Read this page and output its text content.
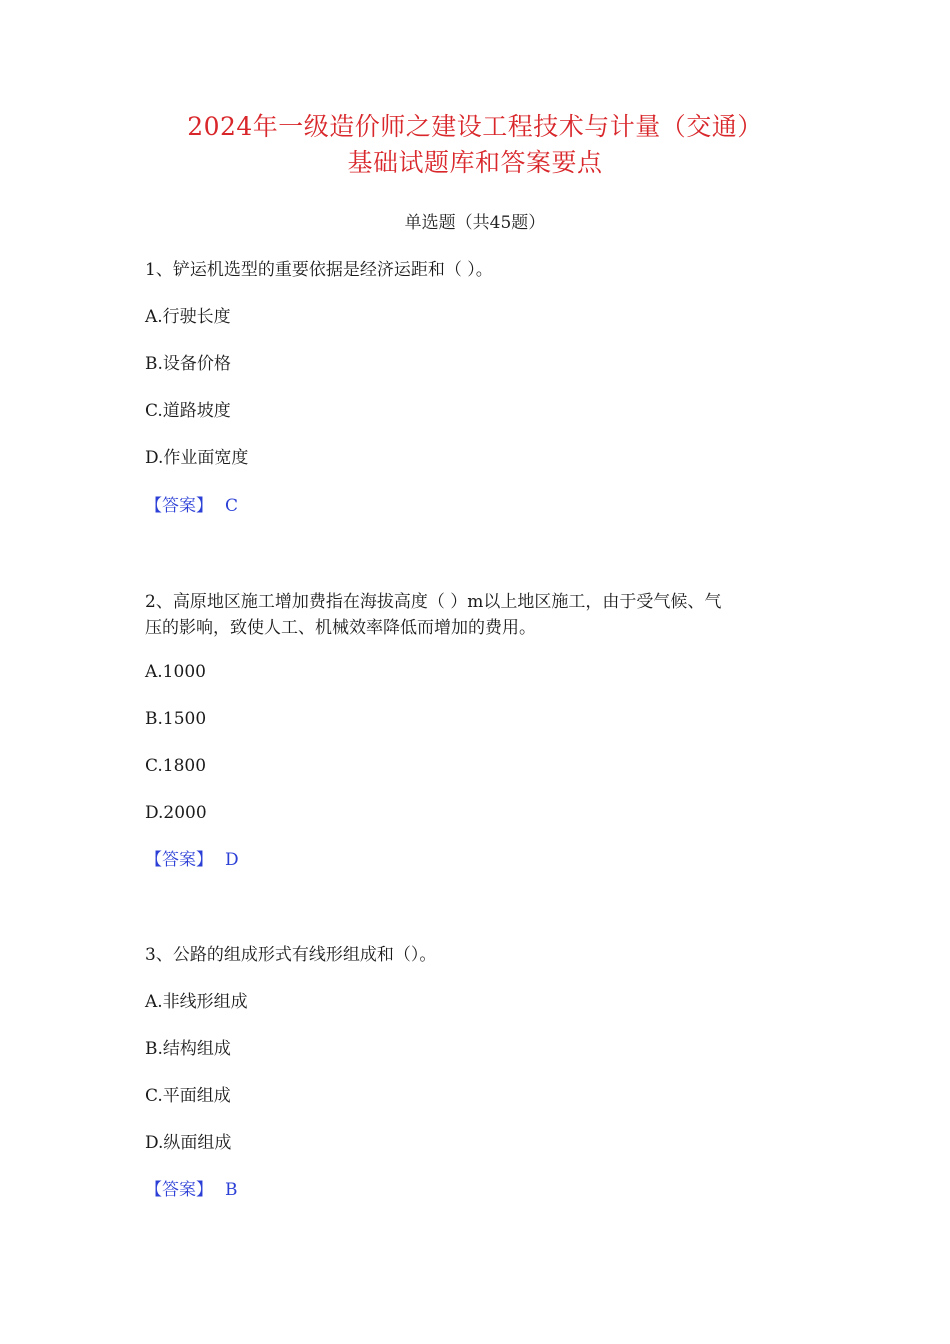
2024年一级造价师之建设工程技术与计量（交通）
基础试题库和答案要点
单选题（共45题）
1、铲运机选型的重要依据是经济运距和（ ）。
A.行驶长度
B.设备价格
C.道路坡度
D.作业面宽度
【答案】 C
2、高原地区施工增加费指在海拔高度（ ）m以上地区施工，由于受气候、气
压的影响，致使人工、机械效率降低而增加的费用。
A.1000
B.1500
C.1800
D.2000
【答案】 D
3、公路的组成形式有线形组成和（）。
A.非线形组成
B.结构组成
C.平面组成
D.纵面组成
【答案】 B
